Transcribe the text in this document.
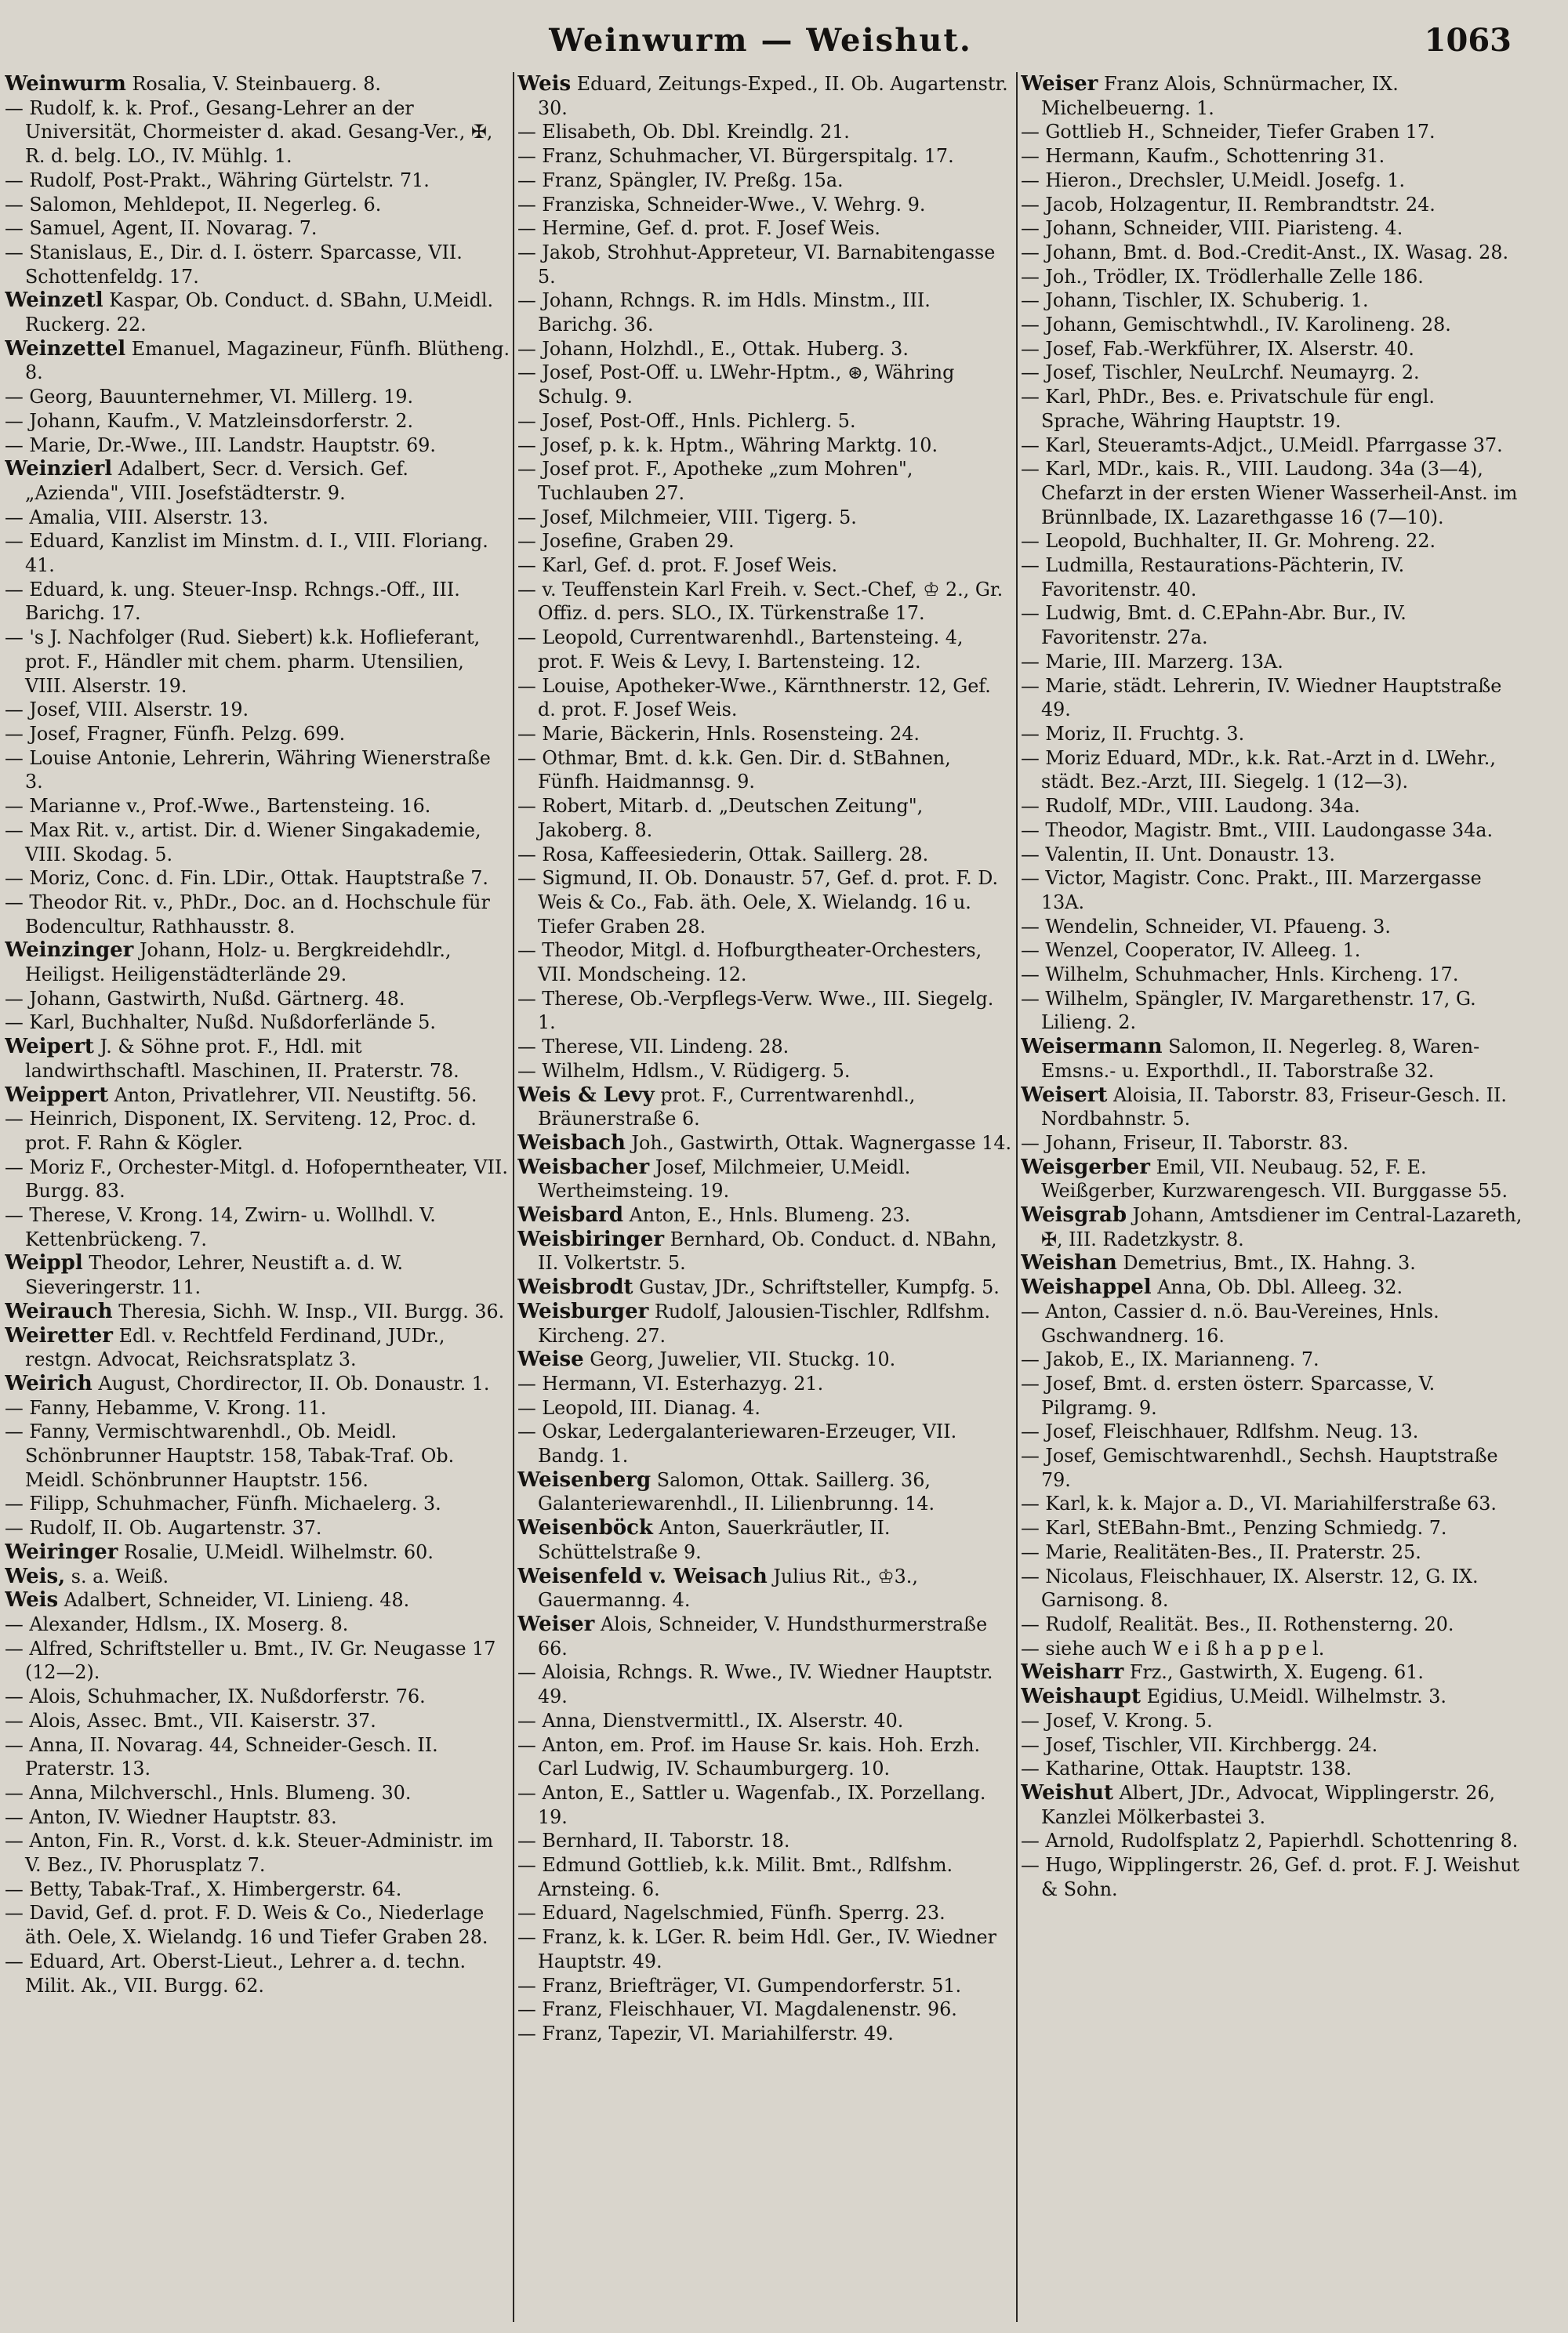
Weinwurm — Weishut.	1063
Weinwurm Rosalia, V. Steinbauerg. 8.
— Rudolf, k. k. Prof., Gesang-Lehrer an der Universität, Chormeister d. akad. Gesang-Ver., ✠, R. d. belg. LO., IV. Mühlg. 1.
— Rudolf, Post-Prakt., Währing Gürtelstr. 71.
— Salomon, Mehldepot, II. Negerleg. 6.
— Samuel, Agent, II. Novarag. 7.
— Stanislaus, E., Dir. d. I. österr. Sparcasse, VII. Schottenfeldg. 17.
Weinzetl Kaspar, Ob. Conduct. d. SBahn, U.Meidl. Ruckerg. 22.
Weinzettel Emanuel, Magazineur, Fünfh. Blütheng. 8.
— Georg, Bauunternehmer, VI. Millerg. 19.
— Johann, Kaufm., V. Matzleinsdorferstr. 2.
— Marie, Dr.-Wwe., III. Landstr. Hauptstr. 69.
Weinzierl Adalbert, Secr. d. Versich. Gef. „Azienda", VIII. Josefstädterstr. 9.
— Amalia, VIII. Alserstr. 13.
— Eduard, Kanzlist im Minstm. d. I., VIII. Floriang. 41.
— Eduard, k. ung. Steuer-Insp. Rchngs.-Off., III. Barichg. 17.
— 's J. Nachfolger (Rud. Siebert) k.k. Hoflieferant, prot. F., Händler mit chem. pharm. Utensilien, VIII. Alserstr. 19.
— Josef, VIII. Alserstr. 19.
— Josef, Fragner, Fünfh. Pelzg. 699.
— Louise Antonie, Lehrerin, Währing Wienerstraße 3.
— Marianne v., Prof.-Wwe., Bartensteing. 16.
— Max Rit. v., artist. Dir. d. Wiener Singakademie, VIII. Skodag. 5.
— Moriz, Conc. d. Fin. LDir., Ottak. Hauptstraße 7.
— Theodor Rit. v., PhDr., Doc. an d. Hochschule für Bodencultur, Rathhausstr. 8.
Weinzinger Johann, Holz- u. Bergkreidehdlr., Heiligst. Heiligenstädterlände 29.
— Johann, Gastwirth, Nußd. Gärtnerg. 48.
— Karl, Buchhalter, Nußd. Nußdorferlände 5.
Weipert J. & Söhne prot. F., Hdl. mit landwirthschaftl. Maschinen, II. Praterstr. 78.
Weippert Anton, Privatlehrer, VII. Neustiftg. 56.
— Heinrich, Disponent, IX. Serviteng. 12, Proc. d. prot. F. Rahn & Kögler.
— Moriz F., Orchester-Mitgl. d. Hofoperntheater, VII. Burgg. 83.
— Therese, V. Krong. 14, Zwirn- u. Wollhdl. V. Kettenbrückeng. 7.
Weippl Theodor, Lehrer, Neustift a. d. W. Sieveringerstr. 11.
Weirauch Theresia, Sichh. W. Insp., VII. Burgg. 36.
Weiretter Edl. v. Rechtfeld Ferdinand, JUDr., restgn. Advocat, Reichsratsplatz 3.
Weirich August, Chordirector, II. Ob. Donaustr. 1.
— Fanny, Hebamme, V. Krong. 11.
— Fanny, Vermischtwarenhdl., Ob. Meidl. Schönbrunner Hauptstr. 158, Tabak-Traf. Ob. Meidl. Schönbrunner Hauptstr. 156.
— Filipp, Schuhmacher, Fünfh. Michaelerg. 3.
— Rudolf, II. Ob. Augartenstr. 37.
Weiringer Rosalie, U.Meidl. Wilhelmstr. 60.
Weis, s. a. Weiß.
Weis Adalbert, Schneider, VI. Linieng. 48.
— Alexander, Hdlsm., IX. Moserg. 8.
— Alfred, Schriftsteller u. Bmt., IV. Gr. Neugasse 17 (12—2).
— Alois, Schuhmacher, IX. Nußdorferstr. 76.
— Alois, Assec. Bmt., VII. Kaiserstr. 37.
— Anna, II. Novarag. 44, Schneider-Gesch. II. Praterstr. 13.
— Anna, Milchverschl., Hnls. Blumeng. 30.
— Anton, IV. Wiedner Hauptstr. 83.
— Anton, Fin. R., Vorst. d. k.k. Steuer-Administr. im V. Bez., IV. Phorusplatz 7.
— Betty, Tabak-Traf., X. Himbergerstr. 64.
— David, Gef. d. prot. F. D. Weis & Co., Niederlage äth. Oele, X. Wielandg. 16 und Tiefer Graben 28.
— Eduard, Art. Oberst-Lieut., Lehrer a. d. techn. Milit. Ak., VII. Burgg. 62.
Weis Eduard, Zeitungs-Exped., II. Ob. Augartenstr. 30.
— Elisabeth, Ob. Dbl. Kreindlg. 21.
— Franz, Schuhmacher, VI. Bürgerspitalg. 17.
— Franz, Spängler, IV. Preßg. 15a.
— Franziska, Schneider-Wwe., V. Wehrg. 9.
— Hermine, Gef. d. prot. F. Josef Weis.
— Jakob, Strohhut-Appreteur, VI. Barnabitengasse 5.
— Johann, Rchngs. R. im Hdls. Minstm., III. Barichg. 36.
— Johann, Holzhdl., E., Ottak. Huberg. 3.
— Josef, Post-Off. u. LWehr-Hptm., ⊛, Währing Schulg. 9.
— Josef, Post-Off., Hnls. Pichlerg. 5.
— Josef, p. k. k. Hptm., Währing Marktg. 10.
— Josef prot. F., Apotheke „zum Mohren", Tuchlauben 27.
— Josef, Milchmeier, VIII. Tigerg. 5.
— Josefine, Graben 29.
— Karl, Gef. d. prot. F. Josef Weis.
— v. Teuffenstein Karl Freih. v. Sect.-Chef, ♔ 2., Gr. Offiz. d. pers. SLO., IX. Türkenstraße 17.
— Leopold, Currentwarenhdl., Bartensteing. 4, prot. F. Weis & Levy, I. Bartensteing. 12.
— Louise, Apotheker-Wwe., Kärnthnerstr. 12, Gef. d. prot. F. Josef Weis.
— Marie, Bäckerin, Hnls. Rosensteing. 24.
— Othmar, Bmt. d. k.k. Gen. Dir. d. StBahnen, Fünfh. Haidmannsg. 9.
— Robert, Mitarb. d. „Deutschen Zeitung", Jakoberg. 8.
— Rosa, Kaffeesiederin, Ottak. Saillerg. 28.
— Sigmund, II. Ob. Donaustr. 57, Gef. d. prot. F. D. Weis & Co., Fab. äth. Oele, X. Wielandg. 16 u. Tiefer Graben 28.
— Theodor, Mitgl. d. Hofburgtheater-Orchesters, VII. Mondscheing. 12.
— Therese, Ob.-Verpflegs-Verw. Wwe., III. Siegelg. 1.
— Therese, VII. Lindeng. 28.
— Wilhelm, Hdlsm., V. Rüdigerg. 5.
Weis & Levy prot. F., Currentwarenhdl., Bräunerstraße 6.
Weisbach Joh., Gastwirth, Ottak. Wagnergasse 14.
Weisbacher Josef, Milchmeier, U.Meidl. Wertheimsteing. 19.
Weisbard Anton, E., Hnls. Blumeng. 23.
Weisbiringer Bernhard, Ob. Conduct. d. NBahn, II. Volkertstr. 5.
Weisbrodt Gustav, JDr., Schriftsteller, Kumpfg. 5.
Weisburger Rudolf, Jalousien-Tischler, Rdlfshm. Kircheng. 27.
Weise Georg, Juwelier, VII. Stuckg. 10.
— Hermann, VI. Esterhazyg. 21.
— Leopold, III. Dianag. 4.
— Oskar, Ledergalanteriewaren-Erzeuger, VII. Bandg. 1.
Weisenberg Salomon, Ottak. Saillerg. 36, Galanteriewarenhdl., II. Lilienbrunng. 14.
Weisenböck Anton, Sauerkräutler, II. Schüttelstraße 9.
Weisenfeld v. Weisach Julius Rit., ♔3., Gauermanng. 4.
Weiser Alois, Schneider, V. Hundsthurmerstraße 66.
— Aloisia, Rchngs. R. Wwe., IV. Wiedner Hauptstr. 49.
— Anna, Dienstvermittl., IX. Alserstr. 40.
— Anton, em. Prof. im Hause Sr. kais. Hoh. Erzh. Carl Ludwig, IV. Schaumburgerg. 10.
— Anton, E., Sattler u. Wagenfab., IX. Porzellang. 19.
— Bernhard, II. Taborstr. 18.
— Edmund Gottlieb, k.k. Milit. Bmt., Rdlfshm. Arnsteing. 6.
— Eduard, Nagelschmied, Fünfh. Sperrg. 23.
— Franz, k. k. LGer. R. beim Hdl. Ger., IV. Wiedner Hauptstr. 49.
— Franz, Briefträger, VI. Gumpendorferstr. 51.
— Franz, Fleischhauer, VI. Magdalenenstr. 96.
— Franz, Tapezir, VI. Mariahilferstr. 49.
Weiser Franz Alois, Schnürmacher, IX. Michelbeuerng. 1.
— Gottlieb H., Schneider, Tiefer Graben 17.
— Hermann, Kaufm., Schottenring 31.
— Hieron., Drechsler, U.Meidl. Josefg. 1.
— Jacob, Holzagentur, II. Rembrandtstr. 24.
— Johann, Schneider, VIII. Piaristeng. 4.
— Johann, Bmt. d. Bod.-Credit-Anst., IX. Wasag. 28.
— Joh., Trödler, IX. Trödlerhalle Zelle 186.
— Johann, Tischler, IX. Schuberig. 1.
— Johann, Gemischtwhdl., IV. Karolineng. 28.
— Josef, Fab.-Werkführer, IX. Alserstr. 40.
— Josef, Tischler, NeuLrchf. Neumayrg. 2.
— Karl, PhDr., Bes. e. Privatschule für engl. Sprache, Währing Hauptstr. 19.
— Karl, Steueramts-Adjct., U.Meidl. Pfarrgasse 37.
— Karl, MDr., kais. R., VIII. Laudong. 34a (3—4), Chefarzt in der ersten Wiener Wasserheil-Anst. im Brünnlbade, IX. Lazarethgasse 16 (7—10).
— Leopold, Buchhalter, II. Gr. Mohreng. 22.
— Ludmilla, Restaurations-Pächterin, IV. Favoritenstr. 40.
— Ludwig, Bmt. d. C.EPahn-Abr. Bur., IV. Favoritenstr. 27a.
— Marie, III. Marzerg. 13A.
— Marie, städt. Lehrerin, IV. Wiedner Hauptstraße 49.
— Moriz, II. Fruchtg. 3.
— Moriz Eduard, MDr., k.k. Rat.-Arzt in d. LWehr., städt. Bez.-Arzt, III. Siegelg. 1 (12—3).
— Rudolf, MDr., VIII. Laudong. 34a.
— Theodor, Magistr. Bmt., VIII. Laudongasse 34a.
— Valentin, II. Unt. Donaustr. 13.
— Victor, Magistr. Conc. Prakt., III. Marzergasse 13A.
— Wendelin, Schneider, VI. Pfaueng. 3.
— Wenzel, Cooperator, IV. Alleeg. 1.
— Wilhelm, Schuhmacher, Hnls. Kircheng. 17.
— Wilhelm, Spängler, IV. Margarethenstr. 17, G. Lilieng. 2.
Weisermann Salomon, II. Negerleg. 8, Waren-Emsns.- u. Exporthdl., II. Taborstraße 32.
Weisert Aloisia, II. Taborstr. 83, Friseur-Gesch. II. Nordbahnstr. 5.
— Johann, Friseur, II. Taborstr. 83.
Weisgerber Emil, VII. Neubaug. 52, F. E. Weißgerber, Kurzwarengesch. VII. Burggasse 55.
Weisgrab Johann, Amtsdiener im Central-Lazareth, ✠, III. Radetzkystr. 8.
Weishan Demetrius, Bmt., IX. Hahng. 3.
Weishappel Anna, Ob. Dbl. Alleeg. 32.
— Anton, Cassier d. n.ö. Bau-Vereines, Hnls. Gschwandnerg. 16.
— Jakob, E., IX. Marianneng. 7.
— Josef, Bmt. d. ersten österr. Sparcasse, V. Pilgramg. 9.
— Josef, Fleischhauer, Rdlfshm. Neug. 13.
— Josef, Gemischtwarenhdl., Sechsh. Hauptstraße 79.
— Karl, k. k. Major a. D., VI. Mariahilferstraße 63.
— Karl, StEBahn-Bmt., Penzing Schmiedg. 7.
— Marie, Realitäten-Bes., II. Praterstr. 25.
— Nicolaus, Fleischhauer, IX. Alserstr. 12, G. IX. Garnisong. 8.
— Rudolf, Realität. Bes., II. Rothensterng. 20.
— siehe auch W e i ß h a p p e l.
Weisharr Frz., Gastwirth, X. Eugeng. 61.
Weishaupt Egidius, U.Meidl. Wilhelmstr. 3.
— Josef, V. Krong. 5.
— Josef, Tischler, VII. Kirchbergg. 24.
— Katharine, Ottak. Hauptstr. 138.
Weishut Albert, JDr., Advocat, Wipplingerstr. 26, Kanzlei Mölkerbastei 3.
— Arnold, Rudolfsplatz 2, Papierhdl. Schottenring 8.
— Hugo, Wipplingerstr. 26, Gef. d. prot. F. J. Weishut & Sohn.
